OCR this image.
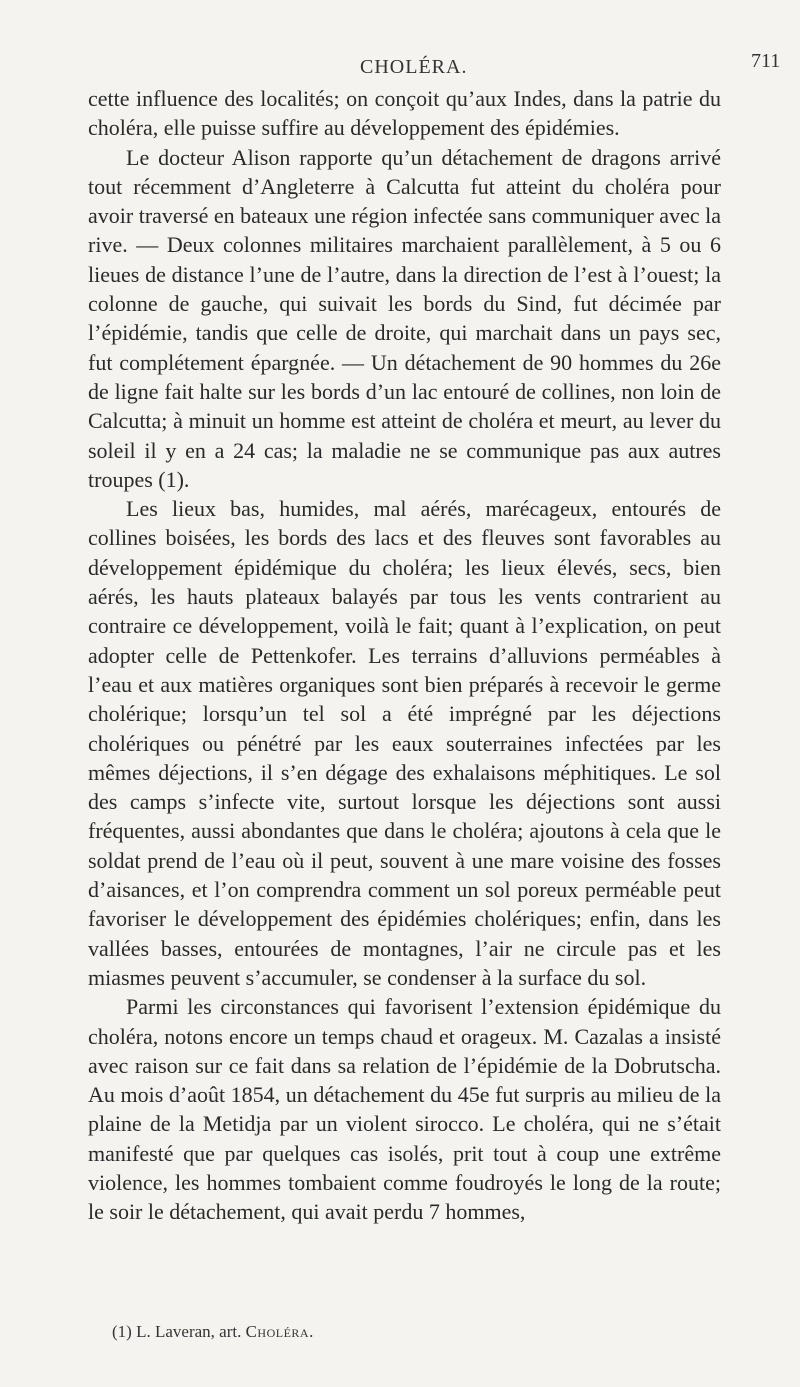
CHOLÉRA.	711

cette influence des localités; on conçoit qu’aux Indes, dans la patrie du choléra, elle puisse suffire au développement des épidémies.

Le docteur Alison rapporte qu’un détachement de dragons arrivé tout récemment d’Angleterre à Calcutta fut atteint du choléra pour avoir traversé en bateaux une région infectée sans communiquer avec la rive. — Deux colonnes militaires marchaient parallèlement, à 5 ou 6 lieues de distance l’une de l’autre, dans la direction de l’est à l’ouest; la colonne de gauche, qui suivait les bords du Sind, fut décimée par l’épidémie, tandis que celle de droite, qui marchait dans un pays sec, fut complétement épargnée. — Un détachement de 90 hommes du 26e de ligne fait halte sur les bords d’un lac entouré de collines, non loin de Calcutta; à minuit un homme est atteint de choléra et meurt, au lever du soleil il y en a 24 cas; la maladie ne se communique pas aux autres troupes (1).

Les lieux bas, humides, mal aérés, marécageux, entourés de collines boisées, les bords des lacs et des fleuves sont favorables au développement épidémique du choléra; les lieux élevés, secs, bien aérés, les hauts plateaux balayés par tous les vents contrarient au contraire ce développement, voilà le fait; quant à l’explication, on peut adopter celle de Pettenkofer. Les terrains d’alluvions perméables à l’eau et aux matières organiques sont bien préparés à recevoir le germe cholérique; lorsqu’un tel sol a été imprégné par les déjections cholériques ou pénétré par les eaux souterraines infectées par les mêmes déjections, il s’en dégage des exhalaisons méphitiques. Le sol des camps s’infecte vite, surtout lorsque les déjections sont aussi fréquentes, aussi abondantes que dans le choléra; ajoutons à cela que le soldat prend de l’eau où il peut, souvent à une mare voisine des fosses d’aisances, et l’on comprendra comment un sol poreux perméable peut favoriser le développement des épidémies cholériques; enfin, dans les vallées basses, entourées de montagnes, l’air ne circule pas et les miasmes peuvent s’accumuler, se condenser à la surface du sol.

Parmi les circonstances qui favorisent l’extension épidémique du choléra, notons encore un temps chaud et orageux. M. Cazalas a insisté avec raison sur ce fait dans sa relation de l’épidémie de la Dobrutscha. Au mois d’août 1854, un détachement du 45e fut surpris au milieu de la plaine de la Metidja par un violent sirocco. Le choléra, qui ne s’était manifesté que par quelques cas isolés, prit tout à coup une extrême violence, les hommes tombaient comme foudroyés le long de la route; le soir le détachement, qui avait perdu 7 hommes,

(1) L. Laveran, art. Choléra.
